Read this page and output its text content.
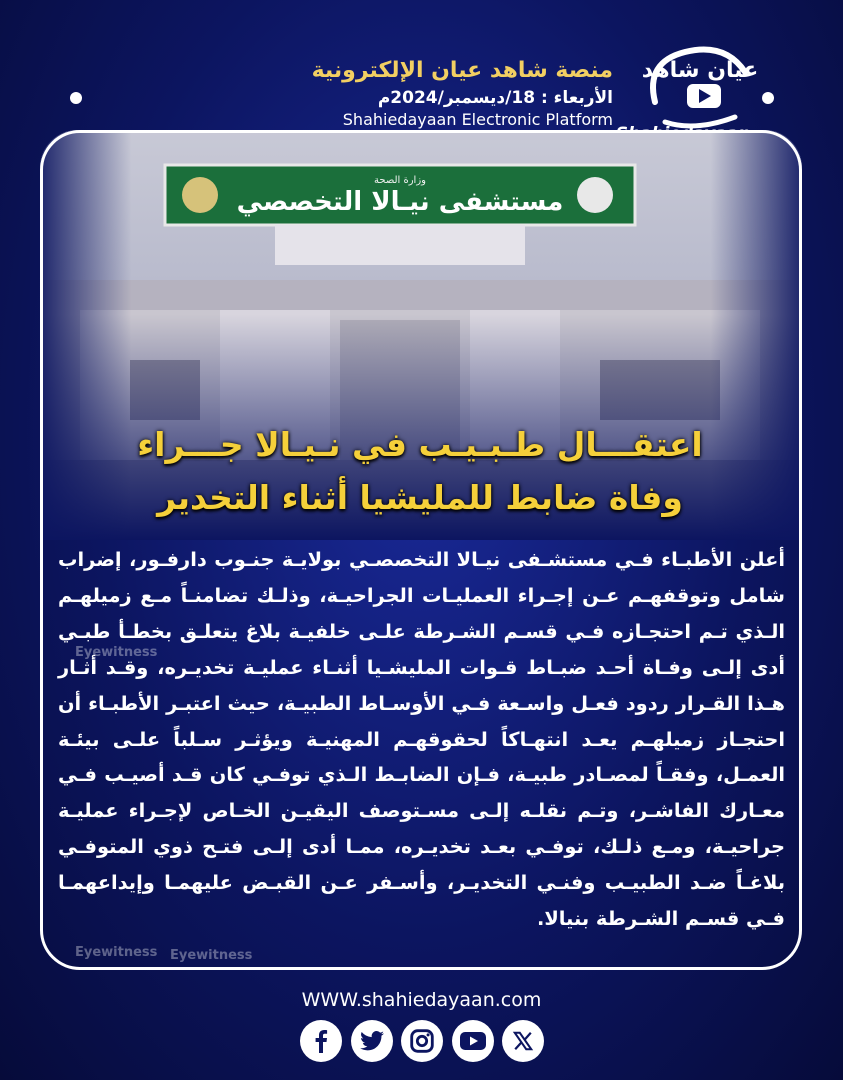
منصة شاهد عيان الإلكترونية
الأربعاء : 18/ديسمبر/2024م
Shahiedayaan Electronic Platform
عيان شاهد
اعتقـــال طـبـيـب في نـيـالا جـــراء
وفاة ضابط للمليشيا أثناء التخدير
Eyewitness
Eyewitness Eyewitness
أعلن الأطبـاء فـي مستشـفى نيـالا التخصصـي بولايـة جنـوب دارفـور، إضراب شامل وتوقفهـم عـن إجـراء العمليـات الجراحيـة، وذلـك تضامنـاً مـع زميلهـم الـذي تـم احتجـازه فـي قسـم الشـرطة علـى خلفيـة بلاغ يتعلـق بخطـأ طبـي أدى إلـى وفـاة أحـد ضبـاط قـوات المليشـيا أثنـاء عمليـة تخديـره، وقـد أثـار هـذا القـرار ردود فعـل واسـعة فـي الأوسـاط الطبيـة، حيث اعتبـر الأطبـاء أن احتجـاز زميلهـم يعـد انتهـاكاً لحقوقهـم المهنيـة ويؤثـر سـلباً علـى بيئـة العمـل، وفقـاً لمصـادر طبيـة، فـإن الضابـط الـذي توفـي كان قـد أصيـب فـي معـارك الفاشـر، وتـم نقلـه إلـى مسـتوصف اليقيـن الخـاص لإجـراء عمليـة جراحيـة، ومـع ذلـك، توفـي بعـد تخديـره، ممـا أدى إلـى فتـح ذوي المتوفـي بلاغـاً ضـد الطبيـب وفنـي التخديـر، وأسـفر عـن القبـض عليهمـا وإيداعهمـا فـي قسـم الشـرطة بنيالا.
WWW.shahiedayaan.com
